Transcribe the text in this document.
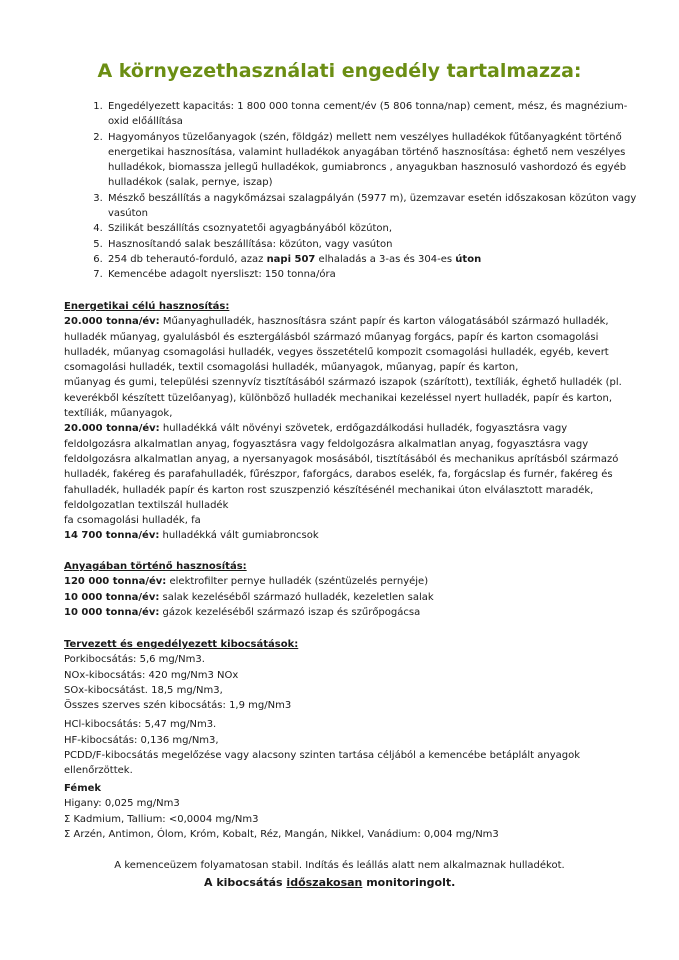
A környezethasználati engedély tartalmazza:
1. Engedélyezett kapacitás: 1 800 000 tonna cement/év (5 806 tonna/nap) cement, mész, és magnézium-oxid előállítása
2. Hagyományos tüzelőanyagok (szén, földgáz) mellett nem veszélyes hulladékok fűtőanyagként történő energetikai hasznosítása, valamint hulladékok anyagában történő hasznosítása: éghető nem veszélyes hulladékok, biomassza jellegű hulladékok, gumiabroncs , anyagukban hasznosuló vashordozó és egyéb hulladékok (salak, pernye, iszap)
3. Mészkő beszállítás a nagykőmázsai szalagpályán (5977 m), üzemzavar esetén időszakosan közúton vagy vasúton
4. Szilikát beszállítás csoznyatetői agyagbányából közúton,
5. Hasznosítandó salak beszállítása: közúton, vagy vasúton
6. 254 db teherautó-forduló, azaz napi 507 elhaladás a 3-as és 304-es úton
7. Kemencébe adagolt nyersliszt: 150 tonna/óra

Energetikai célú hasznosítás:

20.000 tonna/év: Műanyaghulladék, hasznosításra szánt papír és karton válogatásából származó hulladék, hulladék műanyag, gyalulásból és esztergálásból származó műanyag forgács, papír és karton csomagolási hulladék, műanyag csomagolási hulladék, vegyes összetételű kompozit csomagolási hulladék, egyéb, kevert csomagolási hulladék, textil csomagolási hulladék, műanyagok, műanyag, papír és karton,

műanyag és gumi, települési szennyvíz tisztításából származó iszapok (szárított), textíliák, éghető hulladék (pl. keverékből készített tüzelőanyag), különböző hulladék mechanikai kezeléssel nyert hulladék, papír és karton, textíliák, műanyagok,

20.000 tonna/év: hulladékká vált növényi szövetek, erdőgazdálkodási hulladék, fogyasztásra vagy feldolgozásra alkalmatlan anyag, fogyasztásra vagy feldolgozásra alkalmatlan anyag, fogyasztásra vagy feldolgozásra alkalmatlan anyag, a nyersanyagok mosásából, tisztításából és mechanikus aprításból származó hulladék, fakéreg és parafahulladék, fűrészpor, faforgács, darabos eselék, fa, forgácslap és furnér, fakéreg és fahulladék, hulladék papír és karton rost szuszpenzió készítésénél mechanikai úton elválasztott maradék, feldolgozatlan textilszál hulladék

fa csomagolási hulladék, fa

14 700 tonna/év: hulladékká vált gumiabroncsok

Anyagában történő hasznosítás:

120 000 tonna/év: elektrofilter pernye hulladék (széntüzelés pernyéje)

10 000 tonna/év: salak kezeléséből származó hulladék, kezeletlen salak

10 000 tonna/év: gázok kezeléséből származó iszap és szűrőpogácsa

Tervezett és engedélyezett kibocsátások:

Porkibocsátás: 5,6 mg/Nm3.

NOx-kibocsátás: 420 mg/Nm3 NOx

SOx-kibocsátást. 18,5 mg/Nm3,

Összes szerves szén kibocsátás: 1,9 mg/Nm3

HCl-kibocsátás: 5,47 mg/Nm3.

HF-kibocsátás: 0,136 mg/Nm3,

PCDD/F-kibocsátás megelőzése vagy alacsony szinten tartása céljából a kemencébe betáplált anyagok ellenőrzöttek.

Fémek

Higany: 0,025 mg/Nm3

Σ Kadmium, Tallium: <0,0004 mg/Nm3

Σ Arzén, Antimon, Ólom, Króm, Kobalt, Réz, Mangán, Nikkel, Vanádium: 0,004 mg/Nm3

A kemenceüzem folyamatosan stabil. Indítás és leállás alatt nem alkalmaznak hulladékot.
A kibocsátás időszakosan monitoringolt.
